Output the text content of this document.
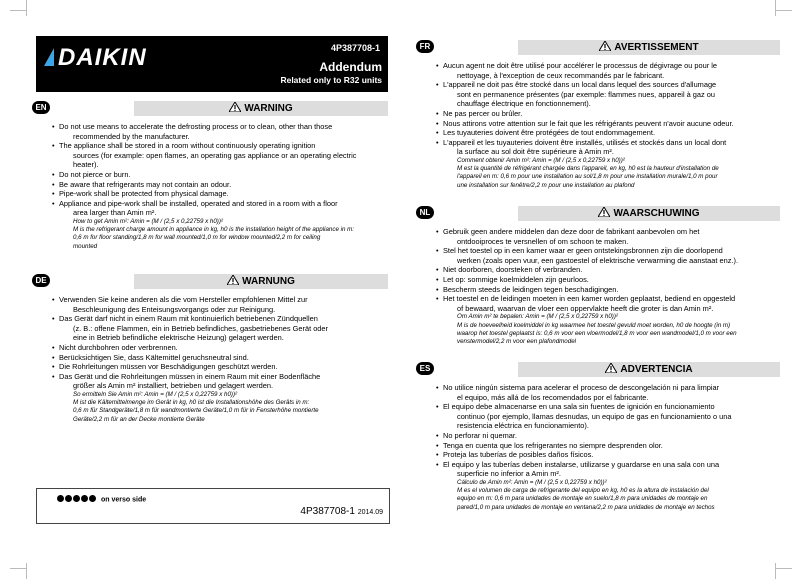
DAIKIN	4P387708-1
Addendum
Related only to R32 units
EN	WARNING
• Do not use means to accelerate the defrosting process or to clean, other than those
recommended by the manufacturer.
• The appliance shall be stored in a room without continuously operating ignition
sources (for example: open flames, an operating gas appliance or an operating electric
heater).
• Do not pierce or burn.
• Be aware that refrigerants may not contain an odour.
• Pipe-work shall be protected from physical damage.
• Appliance and pipe-work shall be installed, operated and stored in a room with a floor
area larger than Amin m².
How to get Amin m²: Amin = (M / (2,5 x 0,22759 x h0))²
M is the refrigerant charge amount in appliance in kg, h0 is the installation height of the appliance in m:
0,6 m for floor standing/1,8 m for wall mounted/1,0 m for window mounted/2,2 m for ceiling
mounted
DE	WARNUNG
• Verwenden Sie keine anderen als die vom Hersteller empfohlenen Mittel zur
Beschleunigung des Enteisungsvorgangs oder zur Reinigung.
• Das Gerät darf nicht in einem Raum mit kontinuierlich betriebenen Zündquellen
(z. B.: offene Flammen, ein in Betrieb befindliches, gasbetriebenes Gerät oder
eine in Betrieb befindliche elektrische Heizung) gelagert werden.
• Nicht durchbohren oder verbrennen.
• Berücksichtigen Sie, dass Kältemittel geruchsneutral sind.
• Die Rohrleitungen müssen vor Beschädigungen geschützt werden.
• Das Gerät und die Rohrleitungen müssen in einem Raum mit einer Bodenfläche
größer als Amin m² installiert, betrieben und gelagert werden.
So ermitteln Sie Amin m²: Amin = (M / (2,5 x 0,22759 x h0))²
M ist die Kältemittelmenge im Gerät in kg, h0 ist die Installationshöhe des Geräts in m:
0,6 m für Standgeräte/1,8 m für wandmontierte Geräte/1,0 m für in Fensterhöhe montierte
Geräte/2,2 m für an der Decke montierte Geräte
FR	AVERTISSEMENT
• Aucun agent ne doit être utilisé pour accélérer le processus de dégivrage ou pour le
nettoyage, à l'exception de ceux recommandés par le fabricant.
• L'appareil ne doit pas être stocké dans un local dans lequel des sources d'allumage
sont en permanence présentes (par exemple: flammes nues, appareil à gaz ou
chauffage électrique en fonctionnement).
• Ne pas percer ou brûler.
• Nous attirons votre attention sur le fait que les réfrigérants peuvent n'avoir aucune odeur.
• Les tuyauteries doivent être protégées de tout endommagement.
• L'appareil et les tuyauteries doivent être installés, utilisés et stockés dans un local dont
la surface au sol doit être supérieure à Amin m².
Comment obtenir Amin m²: Amin = (M / (2,5 x 0,22759 x h0))²
M est la quantité de réfrigérant chargée dans l'appareil, en kg, h0 est la hauteur d'installation de
l'appareil en m: 0,6 m pour une installation au sol/1,8 m pour une installation murale/1,0 m pour
une installation sur fenêtre/2,2 m pour une installation au plafond
NL	WAARSCHUWING
• Gebruik geen andere middelen dan deze door de fabrikant aanbevolen om het
ontdooiproces te versnellen of om schoon te maken.
• Stel het toestel op in een kamer waar er geen ontstekingsbronnen zijn die doorlopend
werken (zoals open vuur, een gastoestel of elektrische verwarming die aanstaat enz.).
• Niet doorboren, doorsteken of verbranden.
• Let op: sommige koelmiddelen zijn geurloos.
• Bescherm steeds de leidingen tegen beschadigingen.
• Het toestel en de leidingen moeten in een kamer worden geplaatst, bediend en opgesteld
of bewaard, waarvan de vloer een oppervlakte heeft die groter is dan Amin m².
Om Amin m² te bepalen: Amin = (M / (2,5 x 0,22759 x h0))²
M is de hoeveelheid koelmiddel in kg waarmee het toestel gevuld moet worden, h0 de hoogte (in m)
waarop het toestel geplaatst is: 0,6 m voor een vloermodel/1,8 m voor een wandmodel/1,0 m voor een
venstermodel/2,2 m voor een plafondmodel
ES	ADVERTENCIA
• No utilice ningún sistema para acelerar el proceso de descongelación ni para limpiar
el equipo, más allá de los recomendados por el fabricante.
• El equipo debe almacenarse en una sala sin fuentes de ignición en funcionamiento
continuo (por ejemplo, llamas desnudas, un equipo de gas en funcionamiento o una
resistencia eléctrica en funcionamiento).
• No perforar ni quemar.
• Tenga en cuenta que los refrigerantes no siempre desprenden olor.
• Proteja las tuberías de posibles daños físicos.
• El equipo y las tuberías deben instalarse, utilizarse y guardarse en una sala con una
superficie no inferior a Amin m².
Cálculo de Amin m²: Amin = (M / (2,5 x 0,22759 x h0))²
M es el volumen de carga de refrigerante del equipo en kg, h0 es la altura de instalación del
equipo en m: 0,6 m para unidades de montaje en suelo/1,8 m para unidades de montaje en
pared/1,0 m para unidades de montaje en ventana/2,2 m para unidades de montaje en techos
on verso side
4P387708-1 2014.09
